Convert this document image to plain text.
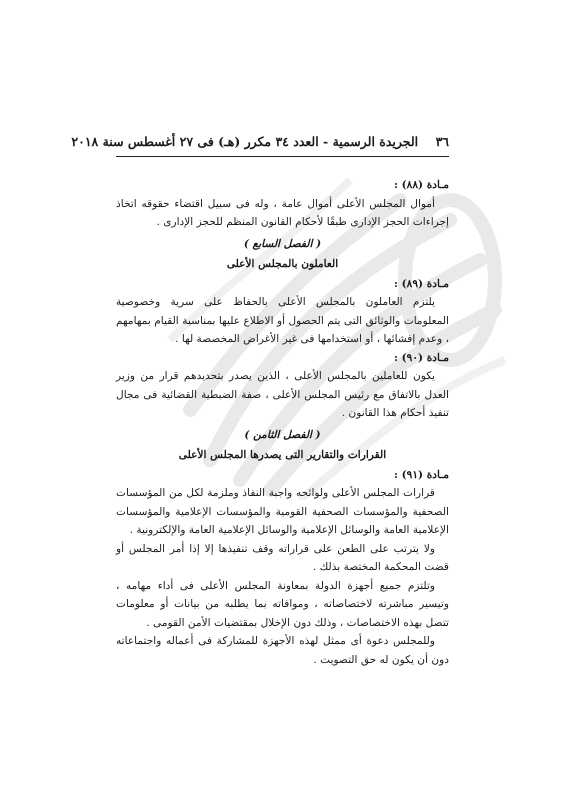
٣٦    الجريدة الرسمية - العدد ٣٤ مكرر (هـ) فى ٢٧ أغسطس سنة ٢٠١٨
مـادة (٨٨) :

أموال المجلس الأعلى أموال عامة ، وله فى سبيل اقتضاء حقوقه اتخاذ إجراءات الحجز الإدارى طبقًا لأحكام القانون المنظم للحجز الإدارى .

( الفصل السابع )
العاملون بالمجلس الأعلى
مـادة (٨٩) :

يلتزم العاملون بالمجلس الأعلى بالحفاظ على سرية وخصوصية المعلومات والوثائق التى يتم الحصول أو الاطلاع عليها بمناسبة القيام بمهامهم ، وعدم إفشائها ، أو استخدامها فى غير الأغراض المخصصة لها .

مـادة (٩٠) :

يكون للعاملين بالمجلس الأعلى ، الذين يصدر بتحديدهم قرار من وزير العدل بالاتفاق مع رئيس المجلس الأعلى ، صفة الضبطية القضائية فى مجال تنفيذ أحكام هذا القانون .

( الفصل الثامن )
القرارات والتقارير التى يصدرها المجلس الأعلى
مـادة (٩١) :

قرارات المجلس الأعلى ولوائحه واجبة النفاذ وملزمة لكل من المؤسسات الصحفية والمؤسسات الصحفية القومية والمؤسسات الإعلامية والمؤسسات الإعلامية العامة والوسائل الإعلامية والوسائل الإعلامية العامة والإلكترونية .

ولا يترتب على الطعن على قراراته وقف تنفيذها إلا إذا أمر المجلس أو قضت المحكمة المختصة بذلك .

وتلتزم جميع أجهزة الدولة بمعاونة المجلس الأعلى فى أداء مهامه ، وتيسير مباشرته لاختصاصاته ، وموافاته بما يطلبه من بيانات أو معلومات تتصل بهذه الاختصاصات ، وذلك دون الإخلال بمقتضيات الأمن القومى .

وللمجلس دعوة أى ممثل لهذه الأجهزة للمشاركة فى أعماله واجتماعاته دون أن يكون له حق التصويت .
